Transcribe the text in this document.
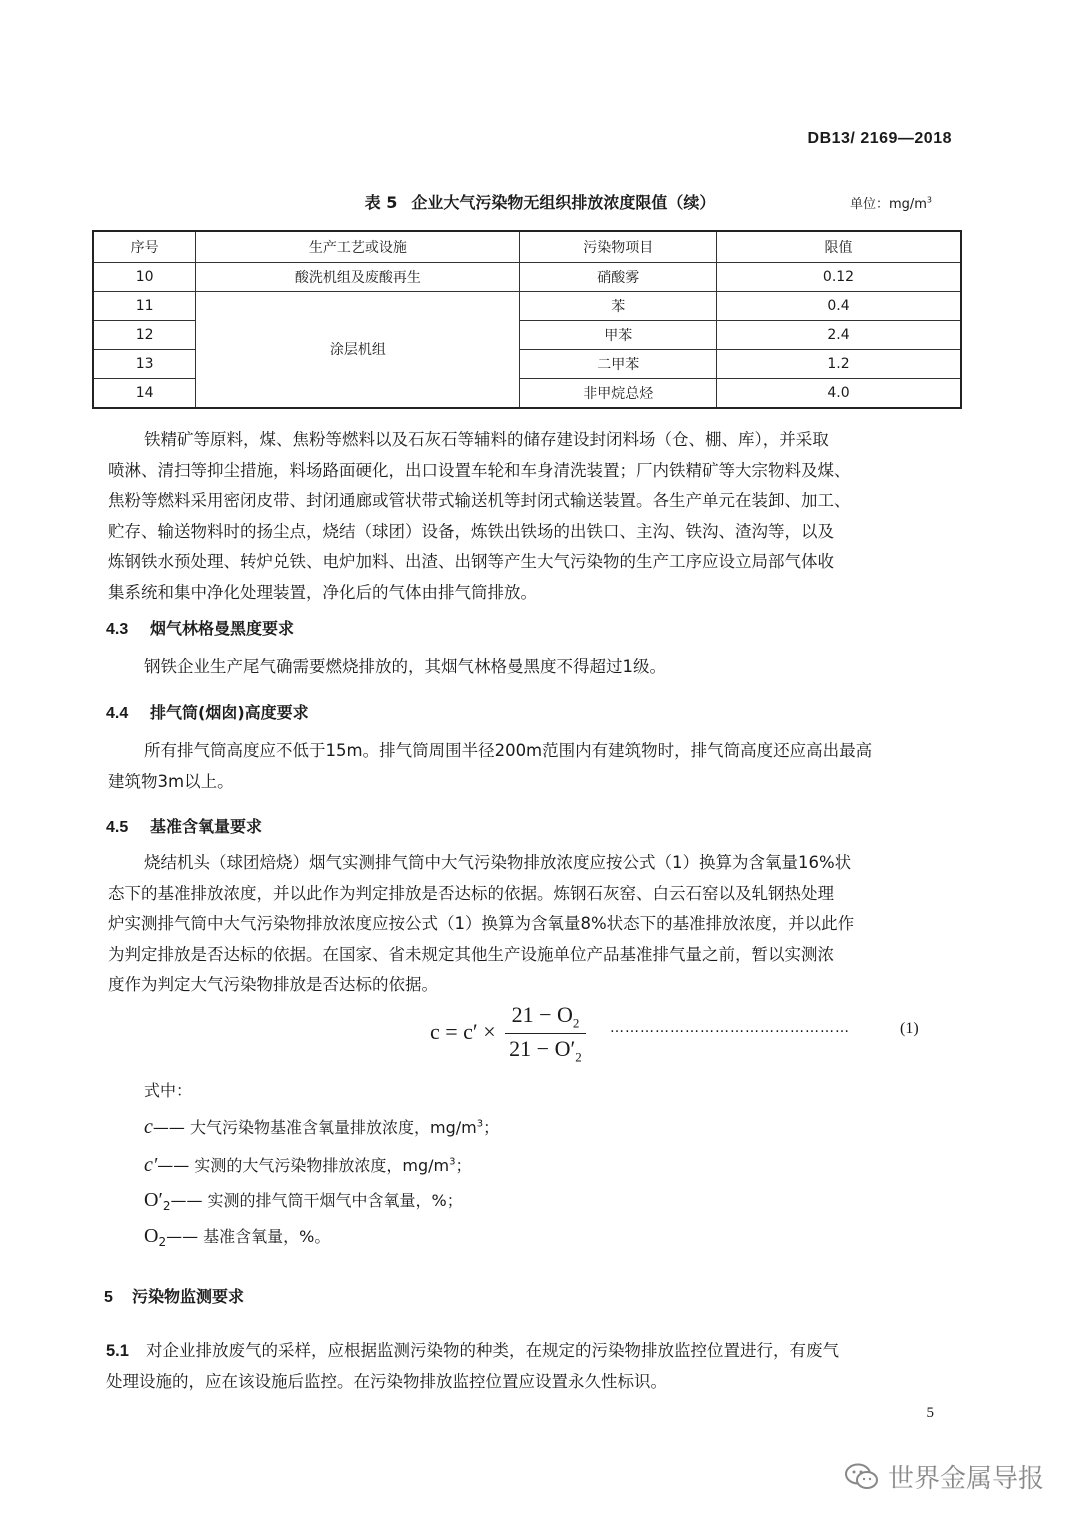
DB13/ 2169—2018
表 5 企业大气污染物无组织排放浓度限值（续）	单位：$mg/m^3$
序号	生产工艺或设施	污染物项目	限值
10	酸洗机组及废酸再生	硝酸雾	0.12
11	涂层机组	苯	0.4
12		甲苯	2.4
13		二甲苯	1.2
14		非甲烷总烃	4.0
铁精矿等原料，煤、焦粉等燃料以及石灰石等辅料的储存建设封闭料场（仓、棚、库），并采取
喷淋、清扫等抑尘措施，料场路面硬化，出口设置车轮和车身清洗装置；厂内铁精矿等大宗物料及煤、
焦粉等燃料采用密闭皮带、封闭通廊或管状带式输送机等封闭式输送装置。各生产单元在装卸、加工、
贮存、输送物料时的扬尘点，烧结（球团）设备，炼铁出铁场的出铁口、主沟、铁沟、渣沟等，以及
炼钢铁水预处理、转炉兑铁、电炉加料、出渣、出钢等产生大气污染物的生产工序应设立局部气体收
集系统和集中净化处理装置，净化后的气体由排气筒排放。
4.3 烟气林格曼黑度要求
钢铁企业生产尾气确需要燃烧排放的，其烟气林格曼黑度不得超过1级。
4.4 排气筒(烟囱)高度要求
所有排气筒高度应不低于15m。排气筒周围半径200m范围内有建筑物时，排气筒高度还应高出最高
建筑物3m以上。
4.5 基准含氧量要求
烧结机头（球团焙烧）烟气实测排气筒中大气污染物排放浓度应按公式（1）换算为含氧量16%状
态下的基准排放浓度，并以此作为判定排放是否达标的依据。炼钢石灰窑、白云石窑以及轧钢热处理
炉实测排气筒中大气污染物排放浓度应按公式（1）换算为含氧量8%状态下的基准排放浓度，并以此作
为判定排放是否达标的依据。在国家、省未规定其他生产设施单位产品基准排气量之前，暂以实测浓
度作为判定大气污染物排放是否达标的依据。
$c = c' \times \frac{21 - O_2}{21 - O'_2}$ …………………………………………	(1)
式中：
c—— 大气污染物基准含氧量排放浓度，$mg/m^3$；
c′—— 实测的大气污染物排放浓度，$mg/m^3$；
$O'_2——$ 实测的排气筒干烟气中含氧量，%；
$O_2——$ 基准含氧量，%。
5 污染物监测要求
5.1 对企业排放废气的采样，应根据监测污染物的种类，在规定的污染物排放监控位置进行，有废气
处理设施的，应在该设施后监控。在污染物排放监控位置应设置永久性标识。
5
世界金属导报
